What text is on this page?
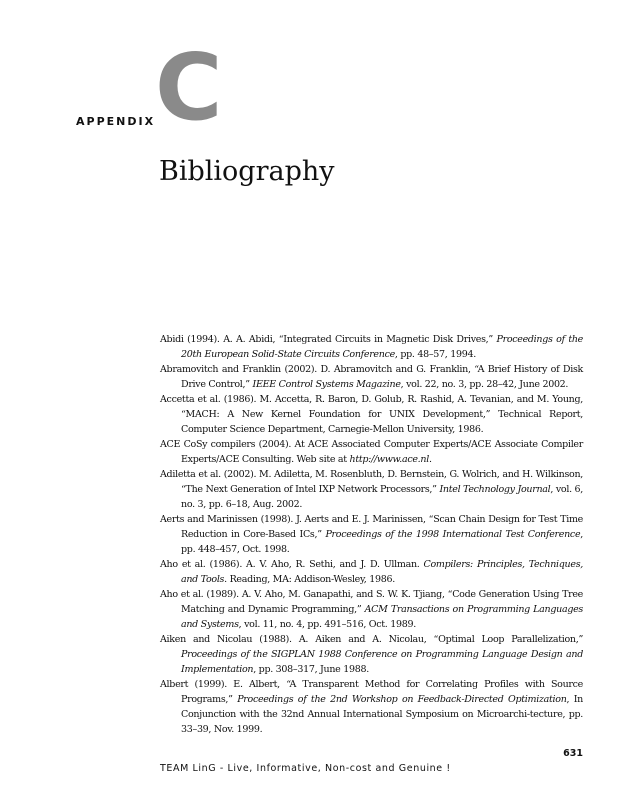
APPENDIX C
Bibliography
Abidi (1994). A. A. Abidi, “Integrated Circuits in Magnetic Disk Drives,” Proceedings of the 20th European Solid-State Circuits Conference, pp. 48–57, 1994.
Abramovitch and Franklin (2002). D. Abramovitch and G. Franklin, “A Brief History of Disk Drive Control,” IEEE Control Systems Magazine, vol. 22, no. 3, pp. 28–42, June 2002.
Accetta et al. (1986). M. Accetta, R. Baron, D. Golub, R. Rashid, A. Tevanian, and M. Young, “MACH: A New Kernel Foundation for UNIX Development,” Technical Report, Computer Science Department, Carnegie-Mellon University, 1986.
ACE CoSy compilers (2004). At ACE Associated Computer Experts/ACE Associate Compiler Experts/ACE Consulting. Web site at http://www.ace.nl.
Adiletta et al. (2002). M. Adiletta, M. Rosenbluth, D. Bernstein, G. Wolrich, and H. Wilkinson, “The Next Generation of Intel IXP Network Processors,” Intel Technology Journal, vol. 6, no. 3, pp. 6–18, Aug. 2002.
Aerts and Marinissen (1998). J. Aerts and E. J. Marinissen, “Scan Chain Design for Test Time Reduction in Core-Based ICs,” Proceedings of the 1998 International Test Conference, pp. 448–457, Oct. 1998.
Aho et al. (1986). A. V. Aho, R. Sethi, and J. D. Ullman. Compilers: Principles, Techniques, and Tools. Reading, MA: Addison-Wesley, 1986.
Aho et al. (1989). A. V. Aho, M. Ganapathi, and S. W. K. Tjiang, “Code Generation Using Tree Matching and Dynamic Programming,” ACM Transactions on Programming Languages and Systems, vol. 11, no. 4, pp. 491–516, Oct. 1989.
Aiken and Nicolau (1988). A. Aiken and A. Nicolau, “Optimal Loop Parallelization,” Proceedings of the SIGPLAN 1988 Conference on Programming Language Design and Implementation, pp. 308–317, June 1988.
Albert (1999). E. Albert, “A Transparent Method for Correlating Profiles with Source Programs,” Proceedings of the 2nd Workshop on Feedback-Directed Optimization, In Conjunction with the 32nd Annual International Symposium on Microarchi-tecture, pp. 33–39, Nov. 1999.
631
TEAM LinG - Live, Informative, Non-cost and Genuine !
